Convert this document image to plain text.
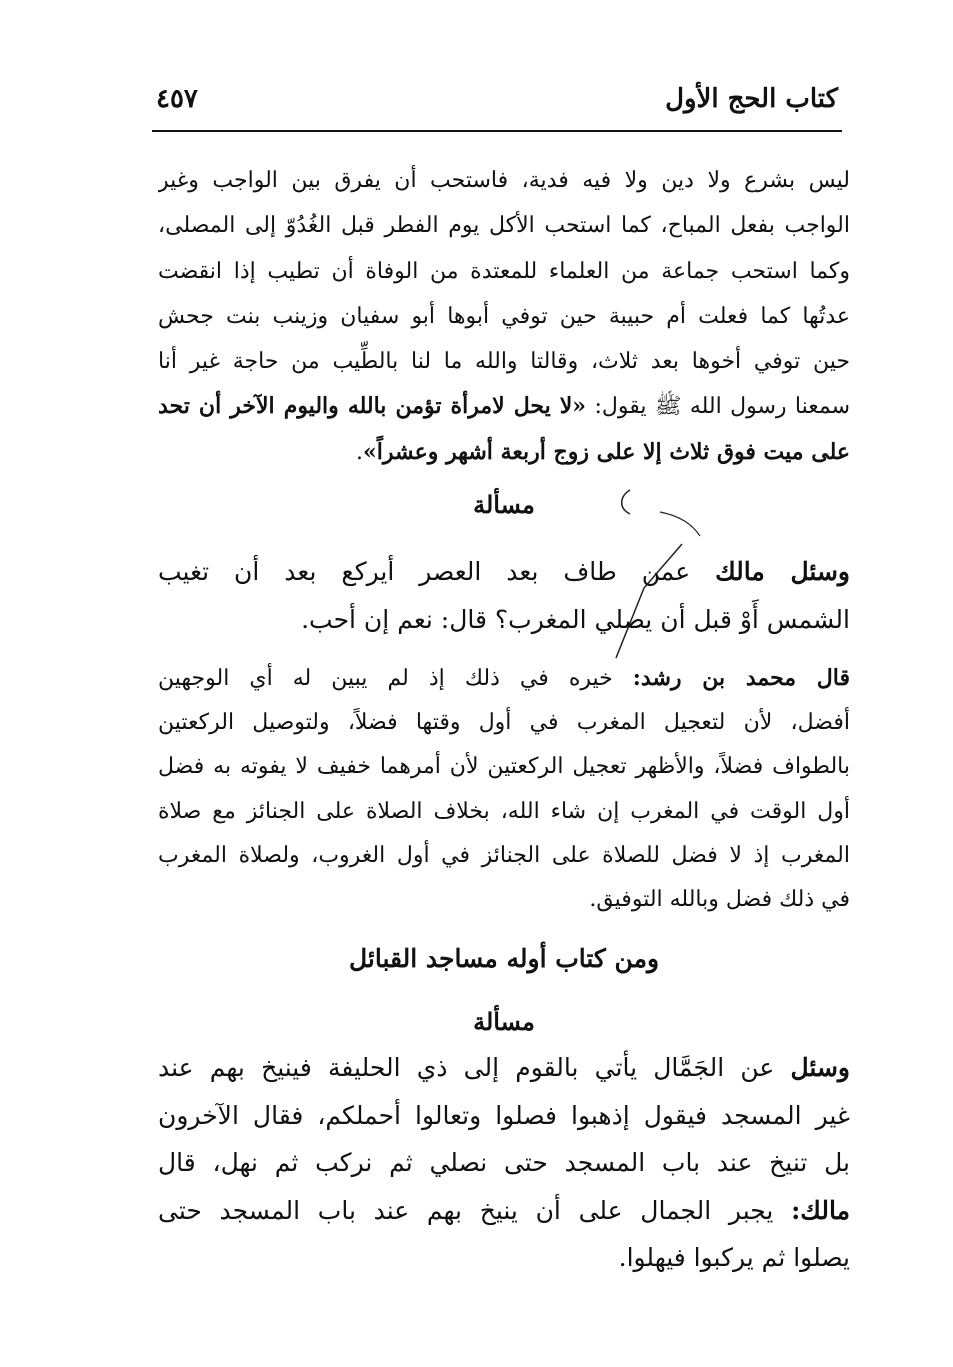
كتاب الحج الأول
٤٥٧
ليس بشرع ولا دين ولا فيه فدية، فاستحب أن يفرق بين الواجب وغير
الواجب بفعل المباح، كما استحب الأكل يوم الفطر قبل الغُدُوّ إلى المصلى،
وكما استحب جماعة من العلماء للمعتدة من الوفاة أن تطيب إذا انقضت
عدتُها كما فعلت أم حبيبة حين توفي أبوها أبو سفيان وزينب بنت جحش
حين توفي أخوها بعد ثلاث، وقالتا والله ما لنا بالطِّيب من حاجة غير أنا
سمعنا رسول الله ﷺ يقول: «لا يحل لامرأة تؤمن بالله واليوم الآخر أن تحد
على ميت فوق ثلاث إلا على زوج أربعة أشهر وعشراً».
مسألة
وسئل مالك عمن طاف بعد العصر أيركع بعد أن تغيب
الشمس أَوْ قبل أن يصلي المغرب؟ قال: نعم إن أحب.
قال محمد بن رشد: خيره في ذلك إذ لم يبين له أي الوجهين
أفضل، لأن لتعجيل المغرب في أول وقتها فضلاً، ولتوصيل الركعتين
بالطواف فضلاً، والأظهر تعجيل الركعتين لأن أمرهما خفيف لا يفوته به فضل
أول الوقت في المغرب إن شاء الله، بخلاف الصلاة على الجنائز مع صلاة
المغرب إذ لا فضل للصلاة على الجنائز في أول الغروب، ولصلاة المغرب
في ذلك فضل وبالله التوفيق.
ومن كتاب أوله مساجد القبائل
مسألة
وسئل عن الجَمَّال يأتي بالقوم إلى ذي الحليفة فينيخ بهم عند
غير المسجد فيقول إذهبوا فصلوا وتعالوا أحملكم، فقال الآخرون
بل تنيخ عند باب المسجد حتى نصلي ثم نركب ثم نهل، قال
مالك: يجبر الجمال على أن ينيخ بهم عند باب المسجد حتى
يصلوا ثم يركبوا فيهلوا.
